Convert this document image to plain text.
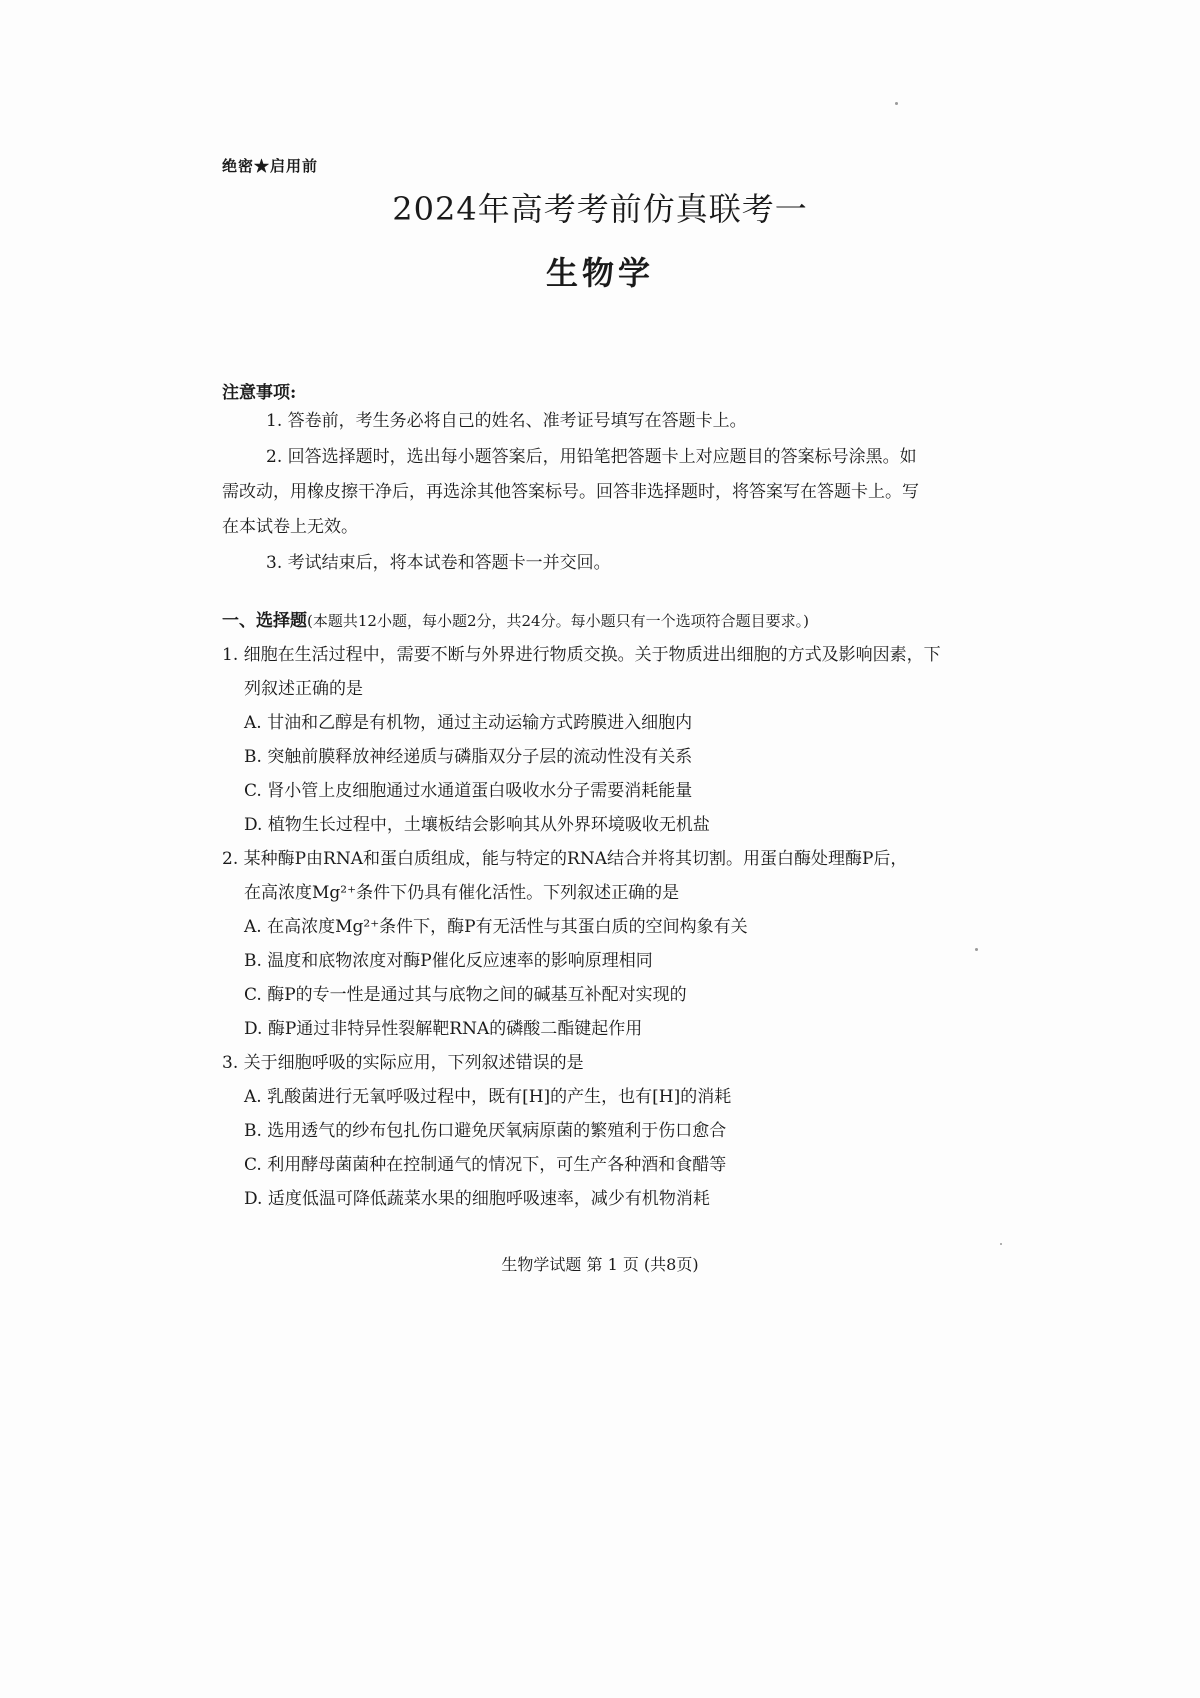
绝密★启用前
2024年高考考前仿真联考一
生物学
注意事项:
1. 答卷前，考生务必将自己的姓名、准考证号填写在答题卡上。
2. 回答选择题时，选出每小题答案后，用铅笔把答题卡上对应题目的答案标号涂黑。如
需改动，用橡皮擦干净后，再选涂其他答案标号。回答非选择题时，将答案写在答题卡上。写
在本试卷上无效。
3. 考试结束后，将本试卷和答题卡一并交回。
一、选择题(本题共12小题，每小题2分，共24分。每小题只有一个选项符合题目要求。)
1. 细胞在生活过程中，需要不断与外界进行物质交换。关于物质进出细胞的方式及影响因素，下
列叙述正确的是
A. 甘油和乙醇是有机物，通过主动运输方式跨膜进入细胞内
B. 突触前膜释放神经递质与磷脂双分子层的流动性没有关系
C. 肾小管上皮细胞通过水通道蛋白吸收水分子需要消耗能量
D. 植物生长过程中，土壤板结会影响其从外界环境吸收无机盐
2. 某种酶P由RNA和蛋白质组成，能与特定的RNA结合并将其切割。用蛋白酶处理酶P后，
在高浓度Mg²⁺条件下仍具有催化活性。下列叙述正确的是
A. 在高浓度Mg²⁺条件下，酶P有无活性与其蛋白质的空间构象有关
B. 温度和底物浓度对酶P催化反应速率的影响原理相同
C. 酶P的专一性是通过其与底物之间的碱基互补配对实现的
D. 酶P通过非特异性裂解靶RNA的磷酸二酯键起作用
3. 关于细胞呼吸的实际应用，下列叙述错误的是
A. 乳酸菌进行无氧呼吸过程中，既有[H]的产生，也有[H]的消耗
B. 选用透气的纱布包扎伤口避免厌氧病原菌的繁殖利于伤口愈合
C. 利用酵母菌菌种在控制通气的情况下，可生产各种酒和食醋等
D. 适度低温可降低蔬菜水果的细胞呼吸速率，减少有机物消耗
生物学试题 第 1 页 (共8页)
